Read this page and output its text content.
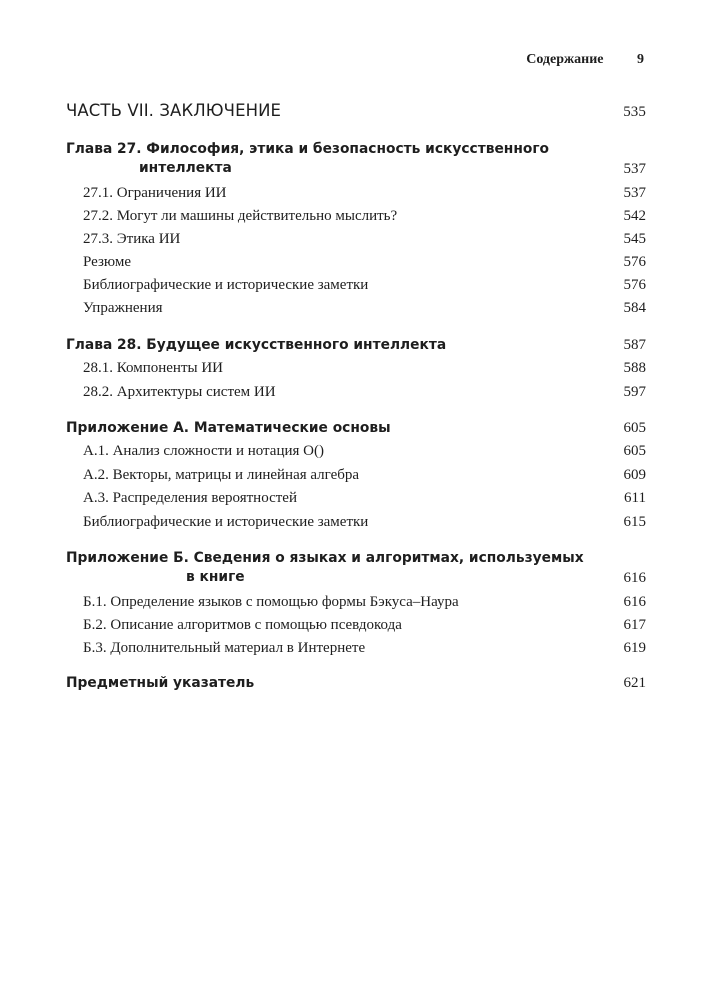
Содержание 9
ЧАСТЬ VII. ЗАКЛЮЧЕНИЕ	535
Глава 27. Философия, этика и безопасность искусственного
интеллекта	537
27.1. Ограничения ИИ	537
27.2. Могут ли машины действительно мыслить?	542
27.3. Этика ИИ	545
Резюме	576
Библиографические и исторические заметки	576
Упражнения	584
Глава 28. Будущее искусственного интеллекта	587
28.1. Компоненты ИИ	588
28.2. Архитектуры систем ИИ	597
Приложение А. Математические основы	605
А.1. Анализ сложности и нотация O()	605
А.2. Векторы, матрицы и линейная алгебра	609
А.3. Распределения вероятностей	611
Библиографические и исторические заметки	615
Приложение Б. Сведения о языках и алгоритмах, используемых
в книге	616
Б.1. Определение языков с помощью формы Бэкуса–Наура	616
Б.2. Описание алгоритмов с помощью псевдокода	617
Б.3. Дополнительный материал в Интернете	619
Предметный указатель	621
